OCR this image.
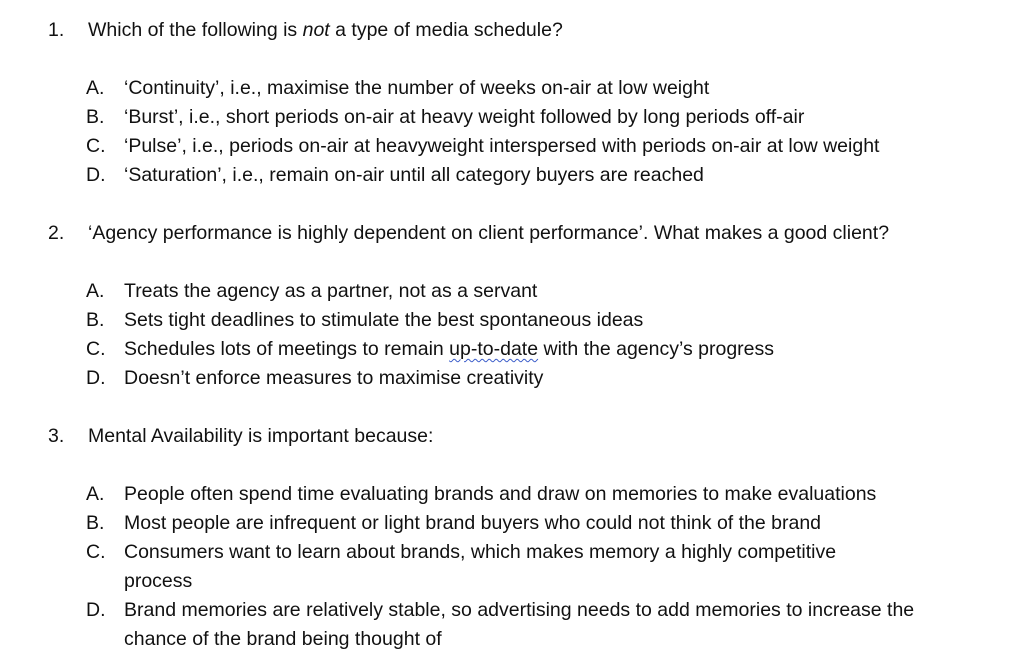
1.	Which of the following is not a type of media schedule?
A.	‘Continuity’, i.e., maximise the number of weeks on-air at low weight
B.	‘Burst’, i.e., short periods on-air at heavy weight followed by long periods off-air
C. ‘Pulse’, i.e., periods on-air at heavyweight interspersed with periods on-air at low weight
D. ‘Saturation’, i.e., remain on-air until all category buyers are reached
2.	‘Agency performance is highly dependent on client performance’. What makes a good client?
A.	Treats the agency as a partner, not as a servant
B.	Sets tight deadlines to stimulate the best spontaneous ideas
C. Schedules lots of meetings to remain up-to-date with the agency’s progress
D. Doesn’t enforce measures to maximise creativity
3.	Mental Availability is important because:
A.	People often spend time evaluating brands and draw on memories to make evaluations
B.	Most people are infrequent or light brand buyers who could not think of the brand
C. Consumers want to learn about brands, which makes memory a highly competitive process
D. Brand memories are relatively stable, so advertising needs to add memories to increase the chance of the brand being thought of
